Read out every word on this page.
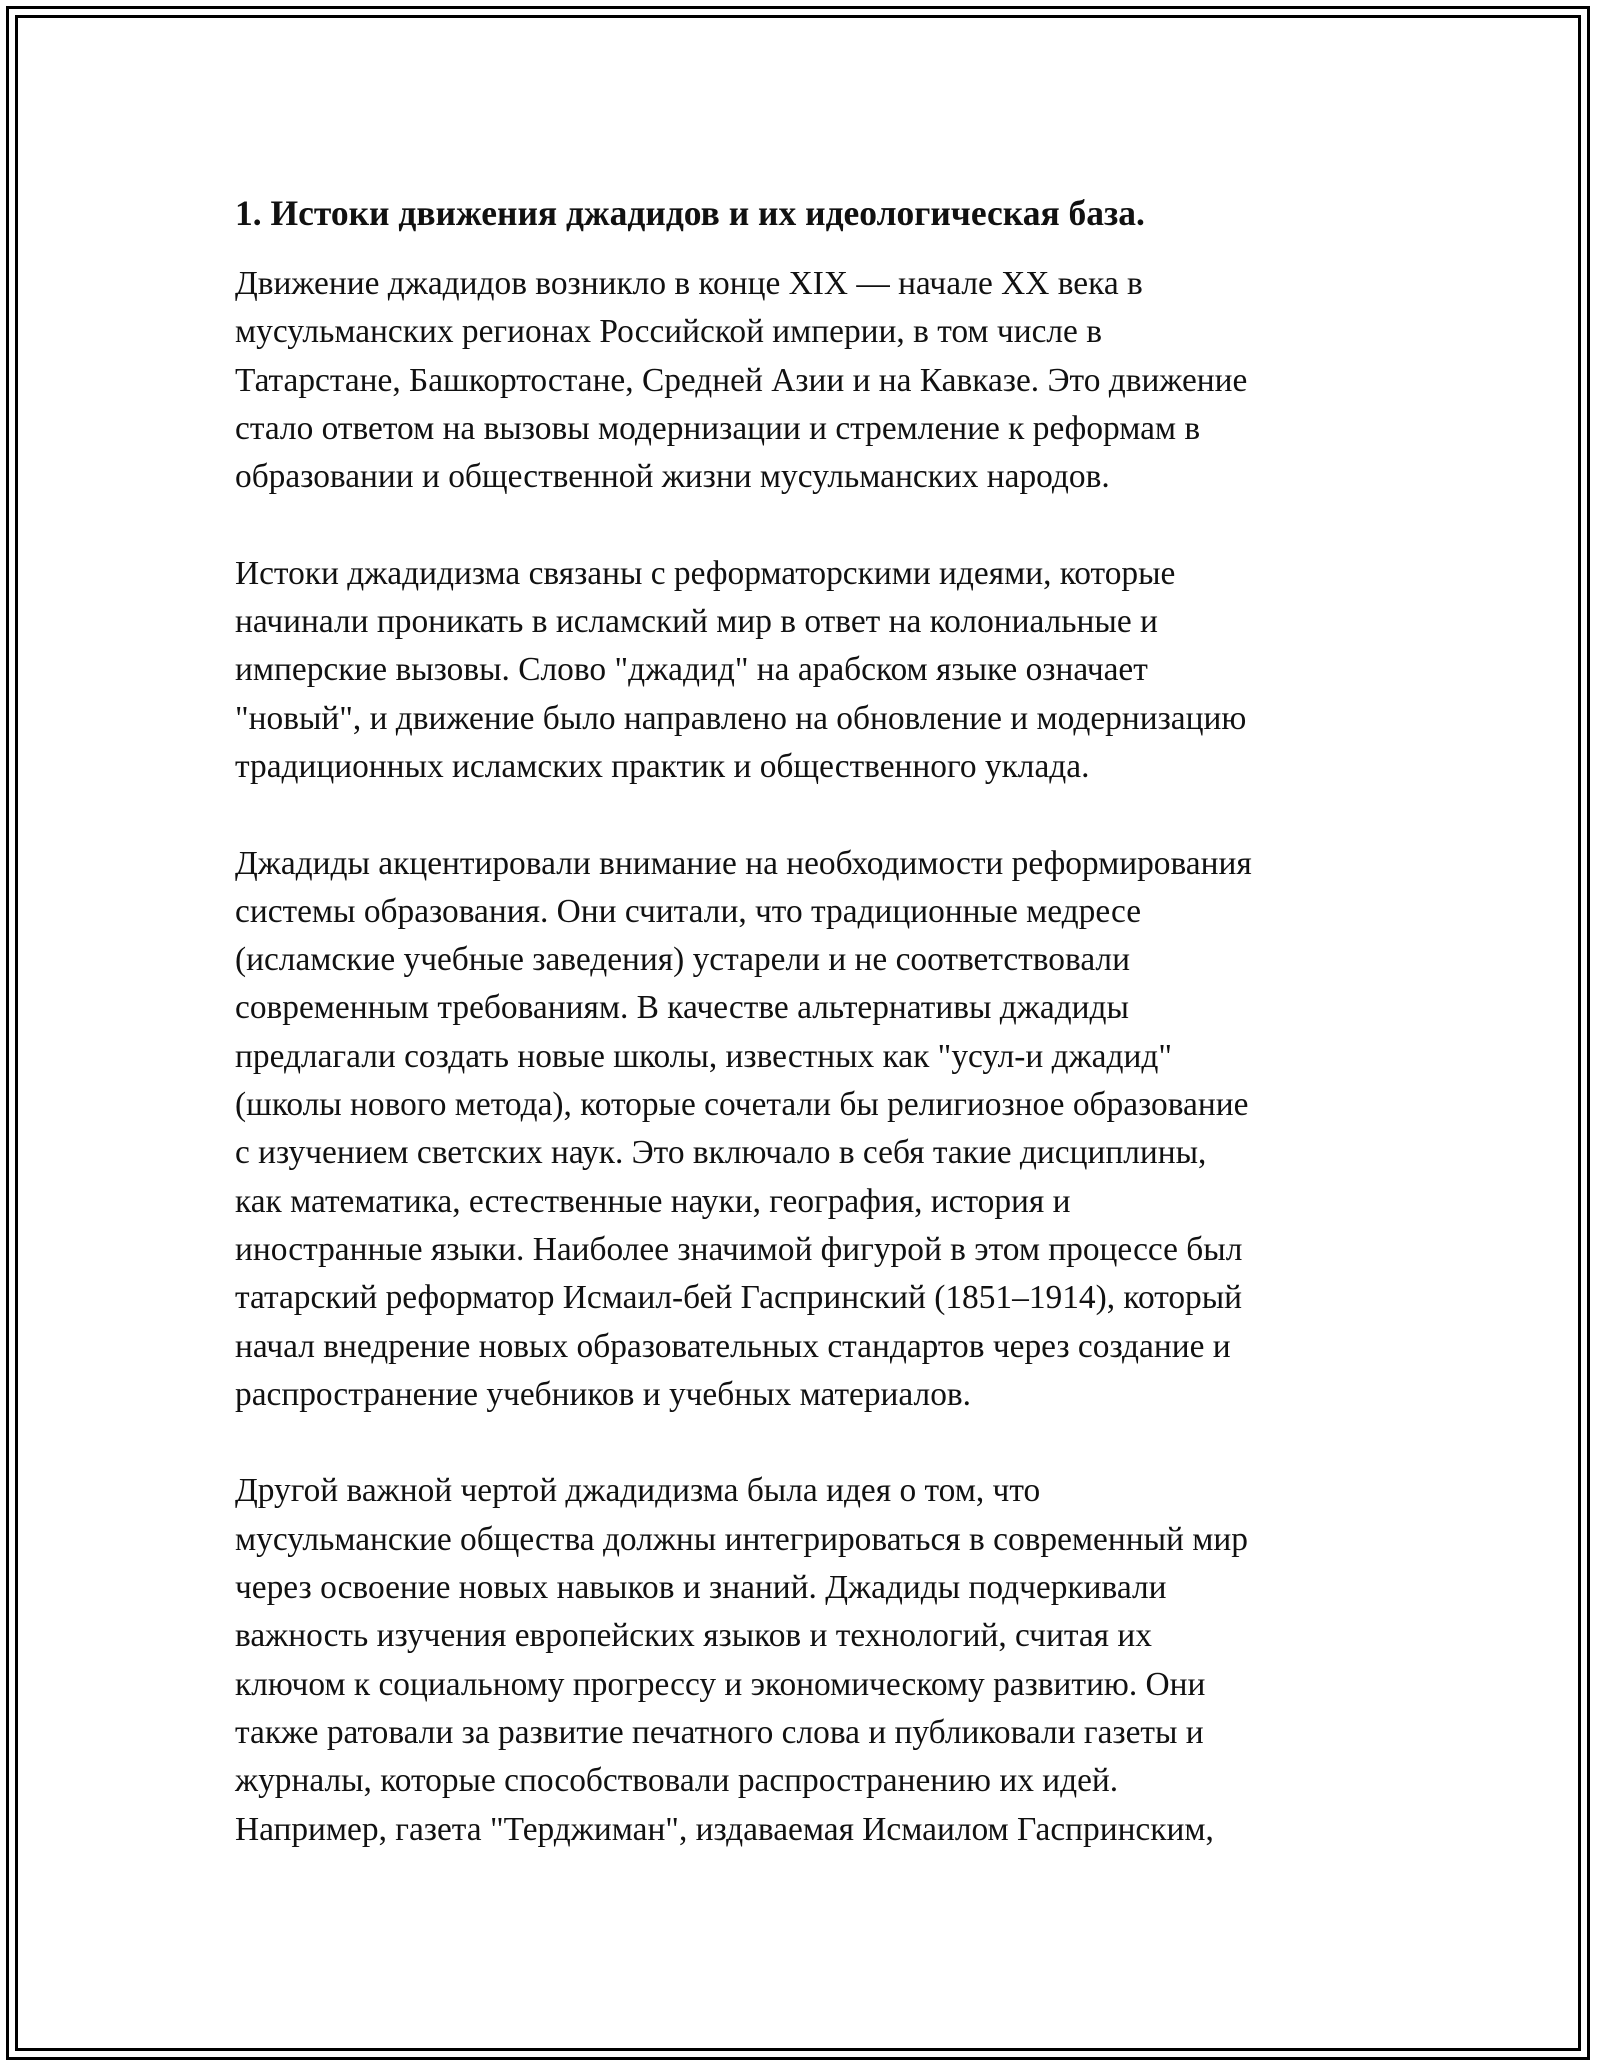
1. Истоки движения джадидов и их идеологическая база.

Движение джадидов возникло в конце XIX — начале XX века в
мусульманских регионах Российской империи, в том числе в
Татарстане, Башкортостане, Средней Азии и на Кавказе. Это движение
стало ответом на вызовы модернизации и стремление к реформам в
образовании и общественной жизни мусульманских народов.

Истоки джадидизма связаны с реформаторскими идеями, которые
начинали проникать в исламский мир в ответ на колониальные и
имперские вызовы. Слово "джадид" на арабском языке означает
"новый", и движение было направлено на обновление и модернизацию
традиционных исламских практик и общественного уклада.

Джадиды акцентировали внимание на необходимости реформирования
системы образования. Они считали, что традиционные медресе
(исламские учебные заведения) устарели и не соответствовали
современным требованиям. В качестве альтернативы джадиды
предлагали создать новые школы, известных как "усул-и джадид"
(школы нового метода), которые сочетали бы религиозное образование
с изучением светских наук. Это включало в себя такие дисциплины,
как математика, естественные науки, география, история и
иностранные языки. Наиболее значимой фигурой в этом процессе был
татарский реформатор Исмаил-бей Гаспринский (1851–1914), который
начал внедрение новых образовательных стандартов через создание и
распространение учебников и учебных материалов.

Другой важной чертой джадидизма была идея о том, что
мусульманские общества должны интегрироваться в современный мир
через освоение новых навыков и знаний. Джадиды подчеркивали
важность изучения европейских языков и технологий, считая их
ключом к социальному прогрессу и экономическому развитию. Они
также ратовали за развитие печатного слова и публиковали газеты и
журналы, которые способствовали распространению их идей.
Например, газета "Терджиман", издаваемая Исмаилом Гаспринским,
